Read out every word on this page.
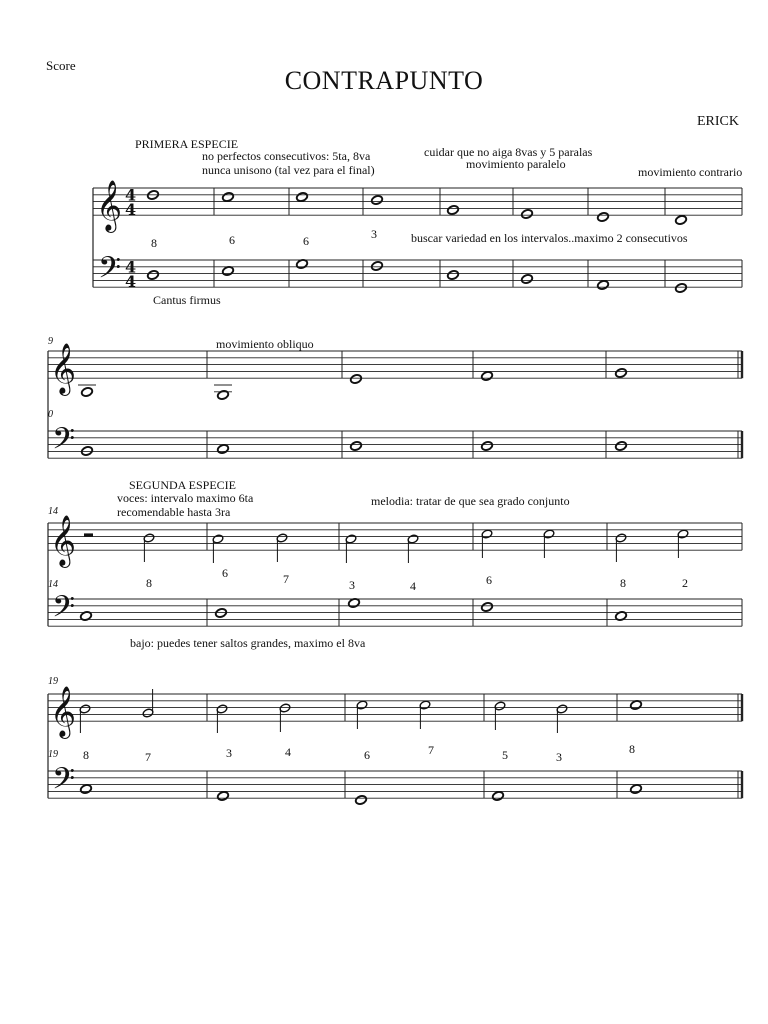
𝄞
𝄢
4
4
4
4
𝄞
𝄢
𝄞
𝄢
𝄞
𝄢
Score
CONTRAPUNTO
ERICK
PRIMERA ESPECIE
no perfectos consecutivos: 5ta, 8va
nunca unisono (tal vez para el final)
cuidar que no aiga 8vas y 5 paralas
movimiento paralelo
movimiento contrario
buscar variedad en los intervalos..maximo 2 consecutivos
Cantus firmus
movimiento obliquo
SEGUNDA ESPECIE
voces: intervalo maximo 6ta
recomendable hasta 3ra
melodia: tratar de que sea grado conjunto
bajo: puedes tener saltos grandes, maximo el 8va
9
0
14
14
19
19
8	6	6	3
8
6	7	3	4	6	8	2
8	7	3	4	6	7	5	3
8
